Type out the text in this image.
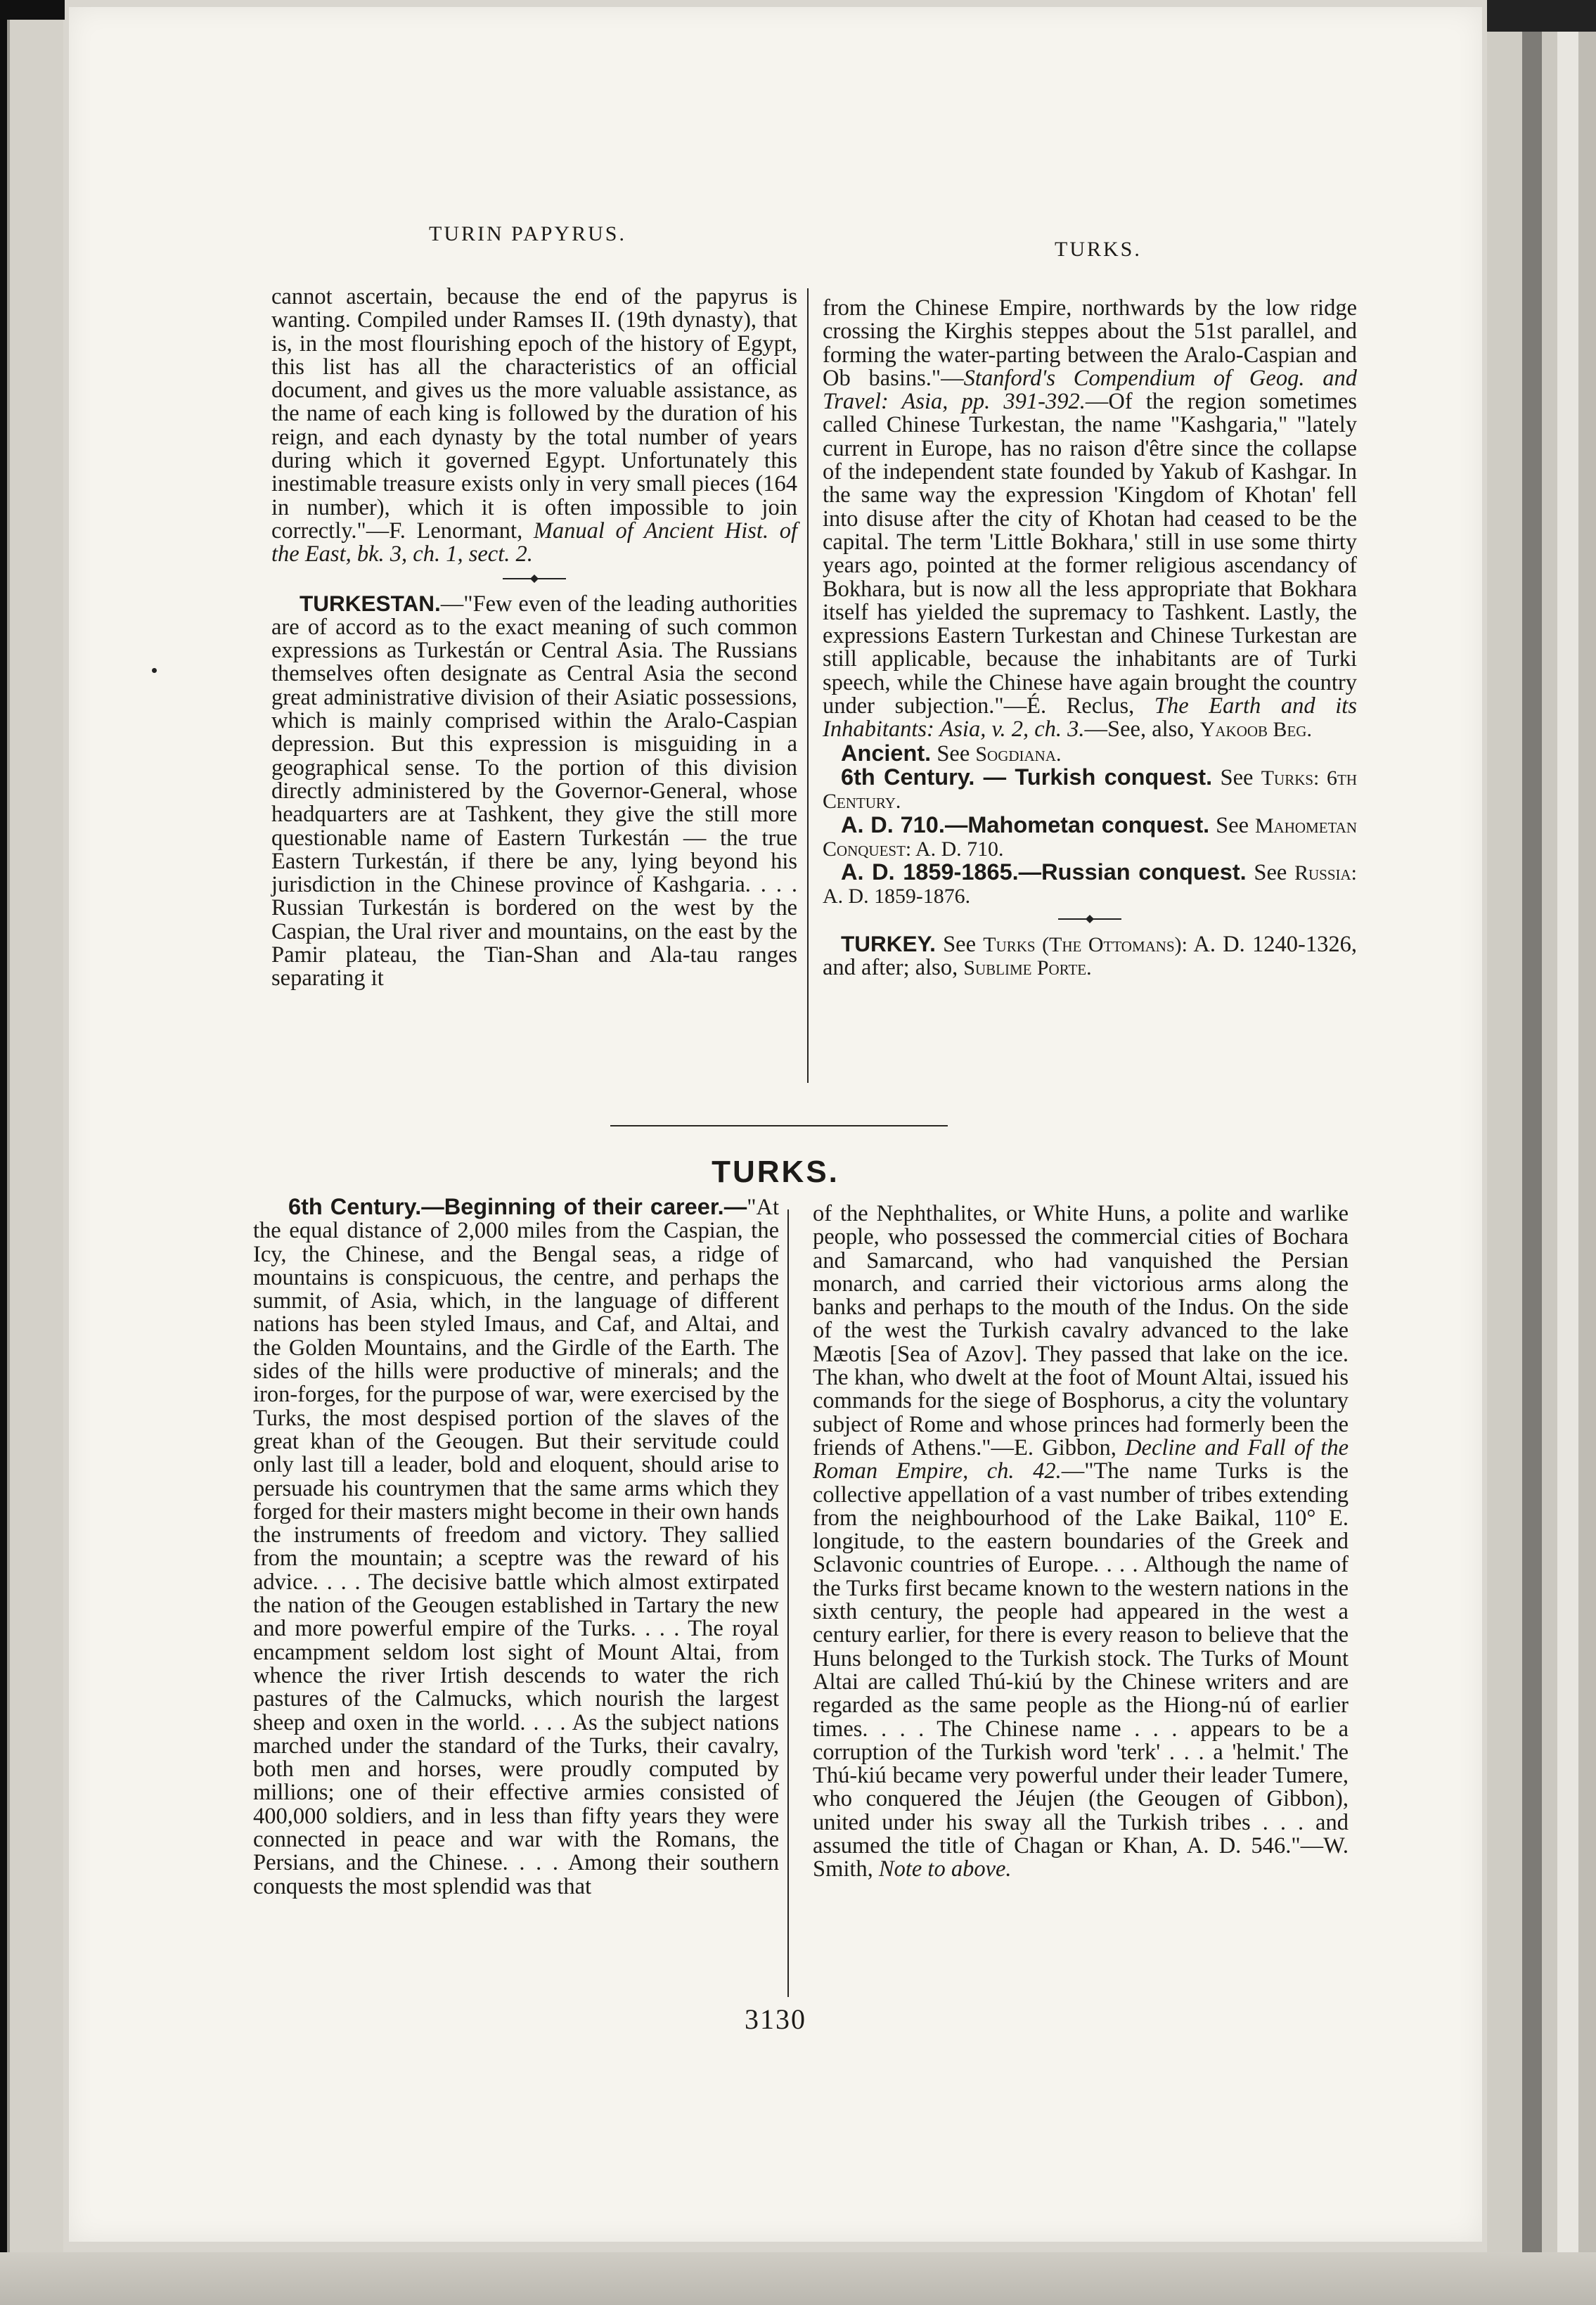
TURIN PAPYRUS.
TURKS.

cannot ascertain, because the end of the papyrus is wanting. Compiled under Ramses II. (19th dynasty), that is, in the most flourishing epoch of the history of Egypt, this list has all the characteristics of an official document, and gives us the more valuable assistance, as the name of each king is followed by the duration of his reign, and each dynasty by the total number of years during which it governed Egypt. Unfortunately this inestimable treasure exists only in very small pieces (164 in number), which it is often impossible to join correctly."—F. Lenormant, Manual of Ancient Hist. of the East, bk. 3, ch. 1, sect. 2.

TURKESTAN.—"Few even of the leading authorities are of accord as to the exact meaning of such common expressions as Turkestán or Central Asia. The Russians themselves often designate as Central Asia the second great administrative division of their Asiatic possessions, which is mainly comprised within the Aralo-Caspian depression. But this expression is misguiding in a geographical sense. To the portion of this division directly administered by the Governor-General, whose headquarters are at Tashkent, they give the still more questionable name of Eastern Turkestán — the true Eastern Turkestán, if there be any, lying beyond his jurisdiction in the Chinese province of Kashgaria. . . . Russian Turkestán is bordered on the west by the Caspian, the Ural river and mountains, on the east by the Pamir plateau, the Tian-Shan and Ala-tau ranges separating it

from the Chinese Empire, northwards by the low ridge crossing the Kirghis steppes about the 51st parallel, and forming the water-parting between the Aralo-Caspian and Ob basins."—Stanford's Compendium of Geog. and Travel: Asia, pp. 391-392.—Of the region sometimes called Chinese Turkestan, the name "Kashgaria," "lately current in Europe, has no raison d'être since the collapse of the independent state founded by Yakub of Kashgar. In the same way the expression 'Kingdom of Khotan' fell into disuse after the city of Khotan had ceased to be the capital. The term 'Little Bokhara,' still in use some thirty years ago, pointed at the former religious ascendancy of Bokhara, but is now all the less appropriate that Bokhara itself has yielded the supremacy to Tashkent. Lastly, the expressions Eastern Turkestan and Chinese Turkestan are still applicable, because the inhabitants are of Turki speech, while the Chinese have again brought the country under subjection."—É. Reclus, The Earth and its Inhabitants: Asia, v. 2, ch. 3.—See, also, Yakoob Beg.

Ancient. See Sogdiana.

6th Century. — Turkish conquest. See Turks: 6th Century.

A. D. 710.—Mahometan conquest. See Mahometan Conquest: A. D. 710.

A. D. 1859-1865.—Russian conquest. See Russia: A. D. 1859-1876.

TURKEY. See Turks (The Ottomans): A. D. 1240-1326, and after; also, Sublime Porte.

TURKS.

6th Century.—Beginning of their career.—"At the equal distance of 2,000 miles from the Caspian, the Icy, the Chinese, and the Bengal seas, a ridge of mountains is conspicuous, the centre, and perhaps the summit, of Asia, which, in the language of different nations has been styled Imaus, and Caf, and Altai, and the Golden Mountains, and the Girdle of the Earth. The sides of the hills were productive of minerals; and the iron-forges, for the purpose of war, were exercised by the Turks, the most despised portion of the slaves of the great khan of the Geougen. But their servitude could only last till a leader, bold and eloquent, should arise to persuade his countrymen that the same arms which they forged for their masters might become in their own hands the instruments of freedom and victory. They sallied from the mountain; a sceptre was the reward of his advice. . . . The decisive battle which almost extirpated the nation of the Geougen established in Tartary the new and more powerful empire of the Turks. . . . The royal encampment seldom lost sight of Mount Altai, from whence the river Irtish descends to water the rich pastures of the Calmucks, which nourish the largest sheep and oxen in the world. . . . As the subject nations marched under the standard of the Turks, their cavalry, both men and horses, were proudly computed by millions; one of their effective armies consisted of 400,000 soldiers, and in less than fifty years they were connected in peace and war with the Romans, the Persians, and the Chinese. . . . Among their southern conquests the most splendid was that

of the Nephthalites, or White Huns, a polite and warlike people, who possessed the commercial cities of Bochara and Samarcand, who had vanquished the Persian monarch, and carried their victorious arms along the banks and perhaps to the mouth of the Indus. On the side of the west the Turkish cavalry advanced to the lake Mæotis [Sea of Azov]. They passed that lake on the ice. The khan, who dwelt at the foot of Mount Altai, issued his commands for the siege of Bosphorus, a city the voluntary subject of Rome and whose princes had formerly been the friends of Athens."—E. Gibbon, Decline and Fall of the Roman Empire, ch. 42.—"The name Turks is the collective appellation of a vast number of tribes extending from the neighbourhood of the Lake Baikal, 110° E. longitude, to the eastern boundaries of the Greek and Sclavonic countries of Europe. . . . Although the name of the Turks first became known to the western nations in the sixth century, the people had appeared in the west a century earlier, for there is every reason to believe that the Huns belonged to the Turkish stock. The Turks of Mount Altai are called Thú-kiú by the Chinese writers and are regarded as the same people as the Hiong-nú of earlier times. . . . The Chinese name . . . appears to be a corruption of the Turkish word 'terk' . . . a 'helmit.' The Thú-kiú became very powerful under their leader Tumere, who conquered the Jéujen (the Geougen of Gibbon), united under his sway all the Turkish tribes . . . and assumed the title of Chagan or Khan, A. D. 546."—W. Smith, Note to above.

3130
